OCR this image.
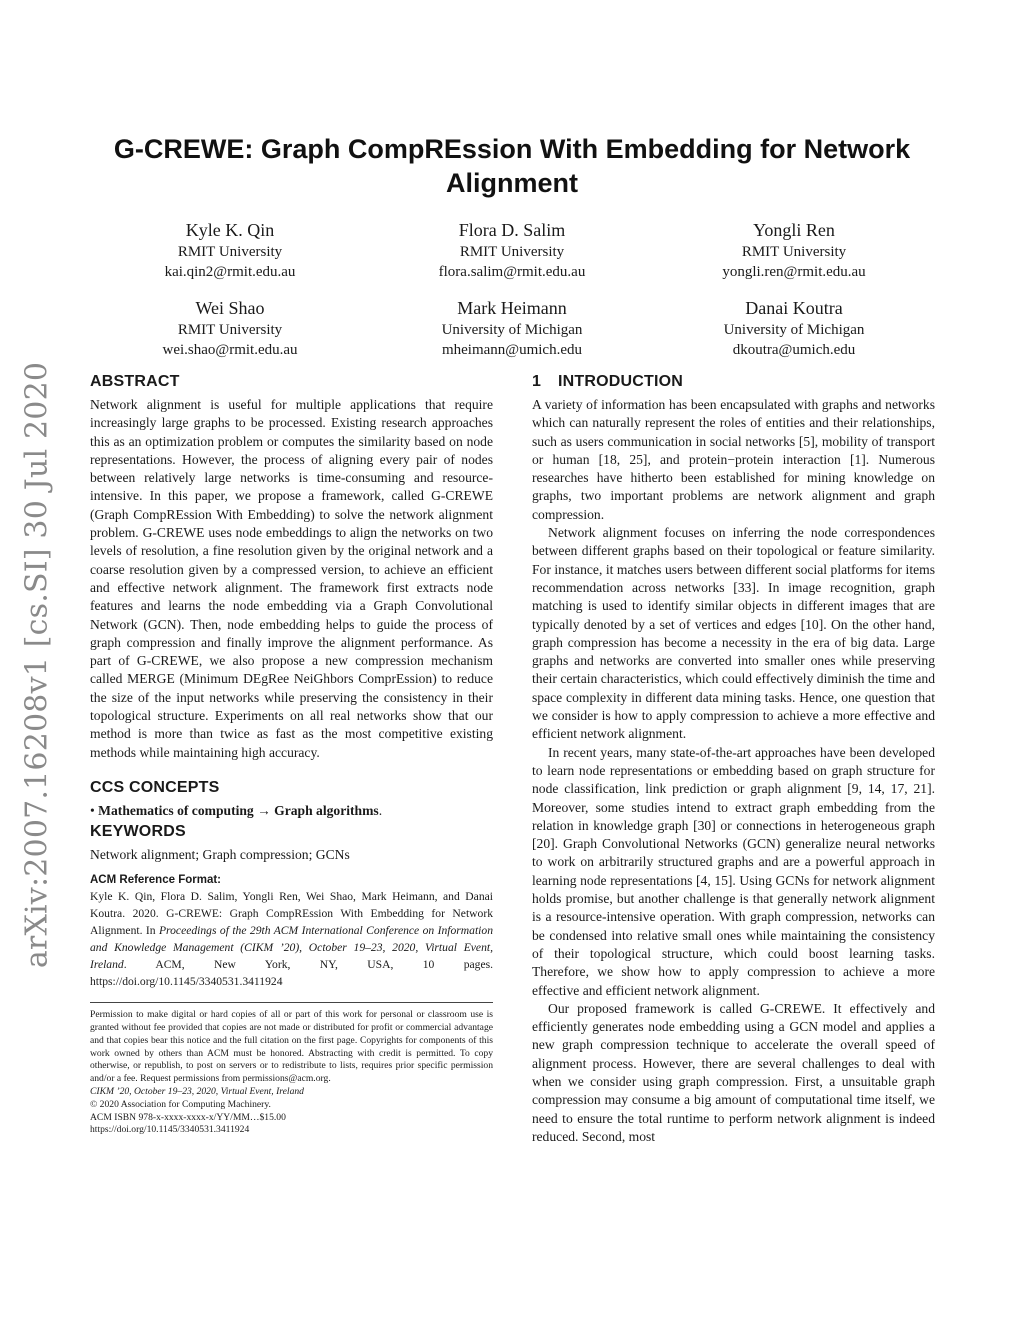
arXiv:2007.16208v1 [cs.SI] 30 Jul 2020
G-CREWE: Graph CompREssion With Embedding for Network Alignment
Kyle K. Qin
RMIT University
kai.qin2@rmit.edu.au
Flora D. Salim
RMIT University
flora.salim@rmit.edu.au
Yongli Ren
RMIT University
yongli.ren@rmit.edu.au
Wei Shao
RMIT University
wei.shao@rmit.edu.au
Mark Heimann
University of Michigan
mheimann@umich.edu
Danai Koutra
University of Michigan
dkoutra@umich.edu
ABSTRACT

Network alignment is useful for multiple applications that require increasingly large graphs to be processed. Existing research approaches this as an optimization problem or computes the similarity based on node representations. However, the process of aligning every pair of nodes between relatively large networks is time-consuming and resource-intensive. In this paper, we propose a framework, called G-CREWE (Graph CompREssion With Embedding) to solve the network alignment problem. G-CREWE uses node embeddings to align the networks on two levels of resolution, a fine resolution given by the original network and a coarse resolution given by a compressed version, to achieve an efficient and effective network alignment. The framework first extracts node features and learns the node embedding via a Graph Convolutional Network (GCN). Then, node embedding helps to guide the process of graph compression and finally improve the alignment performance. As part of G-CREWE, we also propose a new compression mechanism called MERGE (Minimum DEgRee NeiGhbors ComprEssion) to reduce the size of the input networks while preserving the consistency in their topological structure. Experiments on all real networks show that our method is more than twice as fast as the most competitive existing methods while maintaining high accuracy.

CCS CONCEPTS
• Mathematics of computing → Graph algorithms.
KEYWORDS

Network alignment; Graph compression; GCNs

ACM Reference Format:
Kyle K. Qin, Flora D. Salim, Yongli Ren, Wei Shao, Mark Heimann, and Danai Koutra. 2020. G-CREWE: Graph CompREssion With Embedding for Network Alignment. In Proceedings of the 29th ACM International Conference on Information and Knowledge Management (CIKM ’20), October 19–23, 2020, Virtual Event, Ireland. ACM, New York, NY, USA, 10 pages. https://doi.org/10.1145/3340531.3411924
Permission to make digital or hard copies of all or part of this work for personal or classroom use is granted without fee provided that copies are not made or distributed for profit or commercial advantage and that copies bear this notice and the full citation on the first page. Copyrights for components of this work owned by others than ACM must be honored. Abstracting with credit is permitted. To copy otherwise, or republish, to post on servers or to redistribute to lists, requires prior specific permission and/or a fee. Request permissions from permissions@acm.org.
CIKM ’20, October 19–23, 2020, Virtual Event, Ireland
© 2020 Association for Computing Machinery.
ACM ISBN 978-x-xxxx-xxxx-x/YY/MM…$15.00
https://doi.org/10.1145/3340531.3411924
1 INTRODUCTION

A variety of information has been encapsulated with graphs and networks which can naturally represent the roles of entities and their relationships, such as users communication in social networks [5], mobility of transport or human [18, 25], and protein−protein interaction [1]. Numerous researches have hitherto been established for mining knowledge on graphs, two important problems are network alignment and graph compression.

Network alignment focuses on inferring the node correspondences between different graphs based on their topological or feature similarity. For instance, it matches users between different social platforms for items recommendation across networks [33]. In image recognition, graph matching is used to identify similar objects in different images that are typically denoted by a set of vertices and edges [10]. On the other hand, graph compression has become a necessity in the era of big data. Large graphs and networks are converted into smaller ones while preserving their certain characteristics, which could effectively diminish the time and space complexity in different data mining tasks. Hence, one question that we consider is how to apply compression to achieve a more effective and efficient network alignment.

In recent years, many state-of-the-art approaches have been developed to learn node representations or embedding based on graph structure for node classification, link prediction or graph alignment [9, 14, 17, 21]. Moreover, some studies intend to extract graph embedding from the relation in knowledge graph [30] or connections in heterogeneous graph [20]. Graph Convolutional Networks (GCN) generalize neural networks to work on arbitrarily structured graphs and are a powerful approach in learning node representations [4, 15]. Using GCNs for network alignment holds promise, but another challenge is that generally network alignment is a resource-intensive operation. With graph compression, networks can be condensed into relative small ones while maintaining the consistency of their topological structure, which could boost learning tasks. Therefore, we show how to apply compression to achieve a more effective and efficient network alignment.

Our proposed framework is called G-CREWE. It effectively and efficiently generates node embedding using a GCN model and applies a new graph compression technique to accelerate the overall speed of alignment process. However, there are several challenges to deal with when we consider using graph compression. First, a unsuitable graph compression may consume a big amount of computational time itself, we need to ensure the total runtime to perform network alignment is indeed reduced. Second, most
